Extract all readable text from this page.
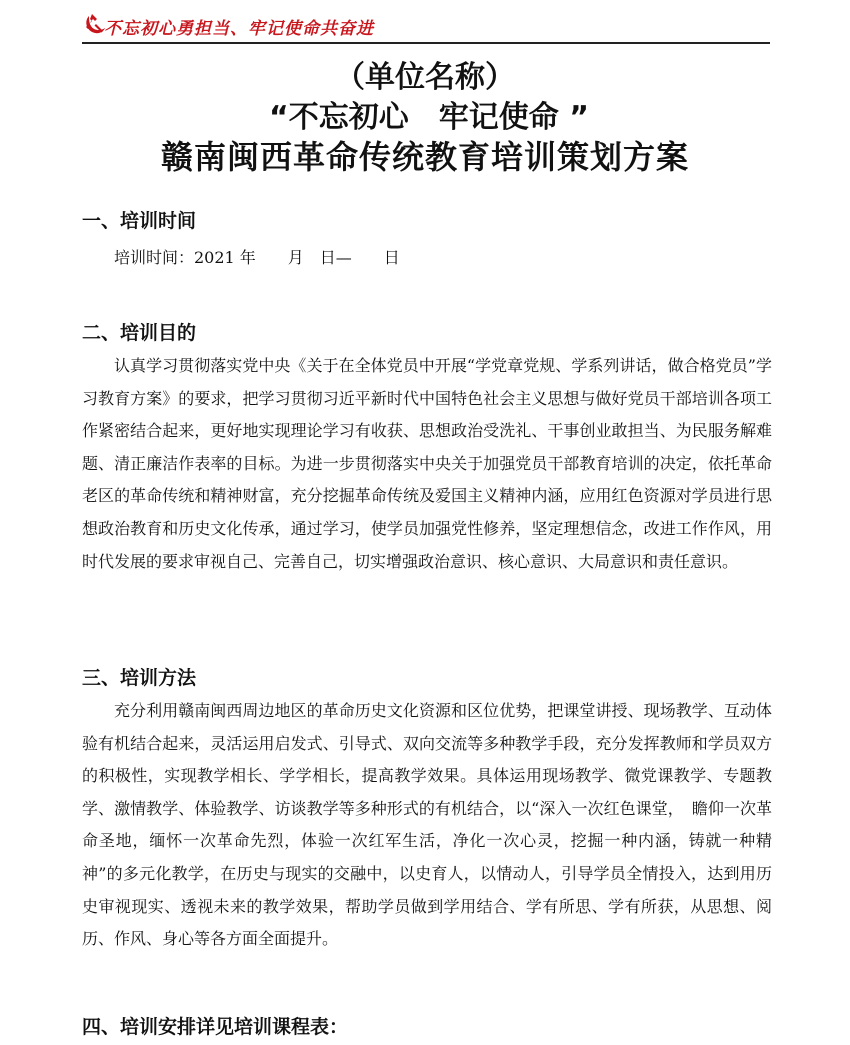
不忘初心勇担当、牢记使命共奋进
（单位名称）
“不忘初心　牢记使命 ”
赣南闽西革命传统教育培训策划方案
一、培训时间
培训时间：2021 年　　月　日—　　日
二、培训目的

认真学习贯彻落实党中央《关于在全体党员中开展“学党章党规、学系列讲话，做合格党员”学习教育方案》的要求，把学习贯彻习近平新时代中国特色社会主义思想与做好党员干部培训各项工作紧密结合起来，更好地实现理论学习有收获、思想政治受洗礼、干事创业敢担当、为民服务解难题、清正廉洁作表率的目标。为进一步贯彻落实中央关于加强党员干部教育培训的决定，依托革命老区的革命传统和精神财富，充分挖掘革命传统及爱国主义精神内涵，应用红色资源对学员进行思想政治教育和历史文化传承，通过学习，使学员加强党性修养，坚定理想信念，改进工作作风，用时代发展的要求审视自己、完善自己，切实增强政治意识、核心意识、大局意识和责任意识。

三、培训方法

充分利用赣南闽西周边地区的革命历史文化资源和区位优势，把课堂讲授、现场教学、互动体验有机结合起来，灵活运用启发式、引导式、双向交流等多种教学手段，充分发挥教师和学员双方的积极性，实现教学相长、学学相长，提高教学效果。具体运用现场教学、微党课教学、专题教学、激情教学、体验教学、访谈教学等多种形式的有机结合，以“深入一次红色课堂，　瞻仰一次革命圣地，缅怀一次革命先烈，体验一次红军生活，净化一次心灵，挖掘一种内涵，铸就一种精神”的多元化教学，在历史与现实的交融中，以史育人，以情动人，引导学员全情投入，达到用历史审视现实、透视未来的教学效果，帮助学员做到学用结合、学有所思、学有所获，从思想、阅历、作风、身心等各方面全面提升。

四、培训安排详见培训课程表：
